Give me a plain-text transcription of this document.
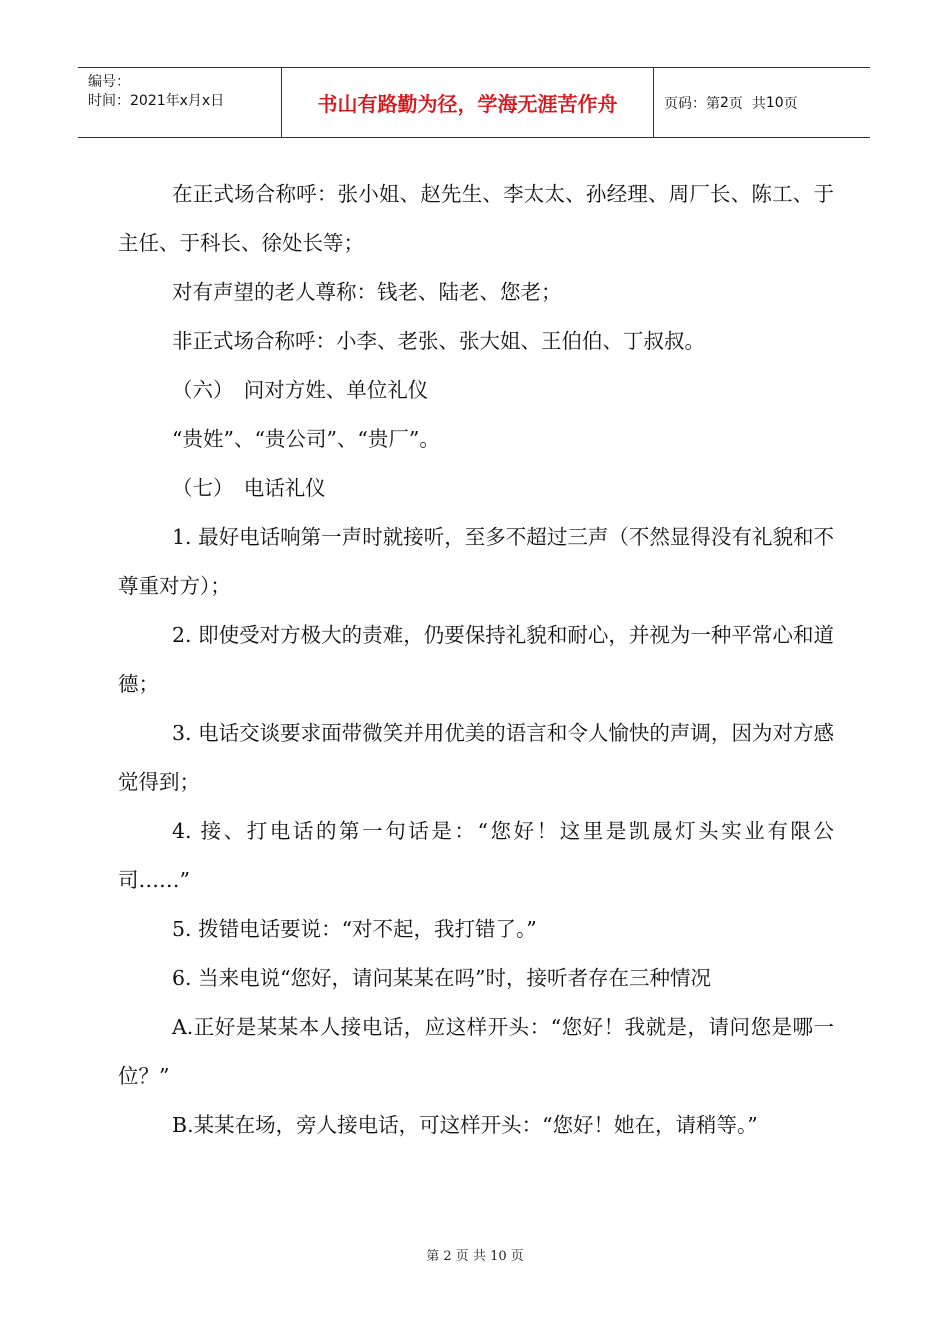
编号：
时间：2021年x月x日	书山有路勤为径，学海无涯苦作舟	页码：第 2 页  共 10 页

在正式场合称呼：张小姐、赵先生、李太太、孙经理、周厂长、陈工、于主任、于科长、徐处长等；

对有声望的老人尊称：钱老、陆老、您老；

非正式场合称呼：小李、老张、张大姐、王伯伯、丁叔叔。

（六）　问对方姓、单位礼仪

“贵姓”、“贵公司”、“贵厂”。

（七）　电话礼仪

1. 最好电话响第一声时就接听，至多不超过三声（不然显得没有礼貌和不尊重对方）；

2. 即使受对方极大的责难，仍要保持礼貌和耐心，并视为一种平常心和道德；

3. 电话交谈要求面带微笑并用优美的语言和令人愉快的声调，因为对方感觉得到；

4. 接、打电话的第一句话是：“您好！这里是凯晟灯头实业有限公司……”

5. 拨错电话要说：“对不起，我打错了。”

6. 当来电说“您好，请问某某在吗”时，接听者存在三种情况

A.正好是某某本人接电话，应这样开头：“您好！我就是，请问您是哪一位？”

B.某某在场，旁人接电话，可这样开头：“您好！她在，请稍等。”

第 2 页 共 10 页
